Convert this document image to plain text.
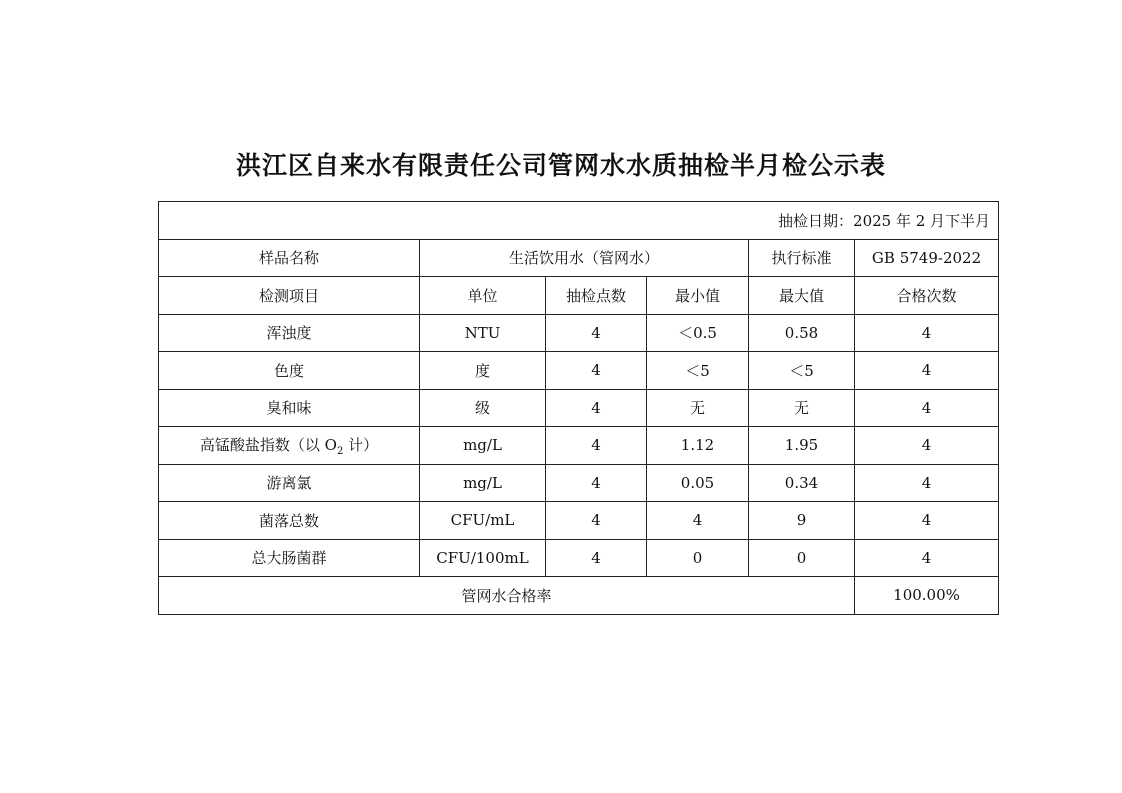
洪江区自来水有限责任公司管网水水质抽检半月检公示表
抽检日期：2025 年 2 月下半月					
样品名称	生活饮用水（管网水）			执行标准	GB 5749-2022
检测项目	单位	抽检点数	最小值	最大值	合格次数
浑浊度	NTU	4	＜0.5	0.58	4
色度	度	4	＜5	＜5	4
臭和味	级	4	无	无	4
高锰酸盐指数（以 $O_2$ 计）	mg/L	4	1.12	1.95	4
游离氯	mg/L	4	0.05	0.34	4
菌落总数	CFU/mL	4	4	9	4
总大肠菌群	CFU/100mL	4	0	0	4
管网水合格率					100.00%
